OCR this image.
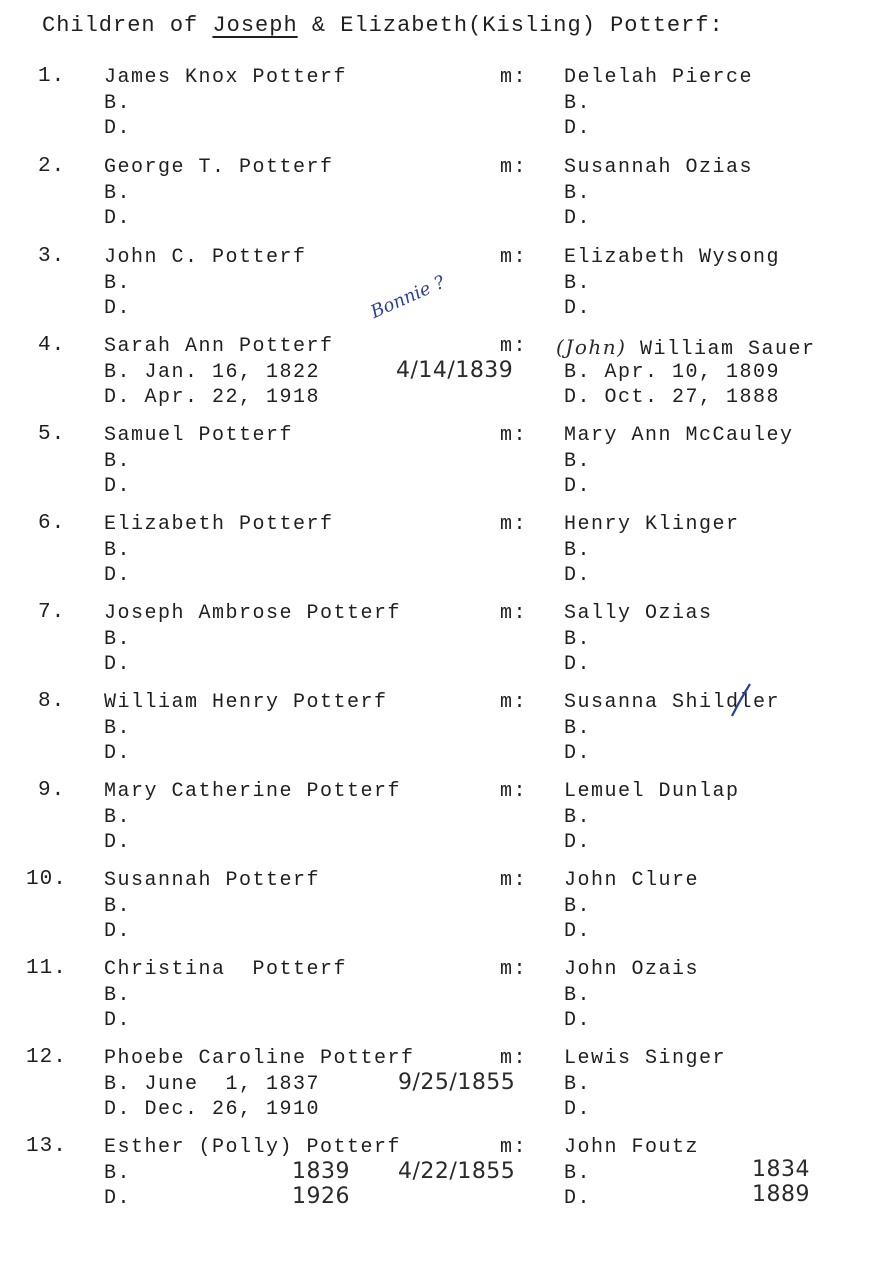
Children of Joseph & Elizabeth(Kisling) Potterf:
1. James Knox Potterf
B.
D.
m: Delelah Pierce
B.
D.
2. George T. Potterf
B.
D.
m: Susannah Ozias
B.
D.
3. John C. Potterf
B.
D.
m: Elizabeth Wysong
B.
D.
4. Sarah Ann Potterf
B. Jan. 16, 1822
D. Apr. 22, 1918
m: (John) William Sauer
B. Apr. 10, 1809
D. Oct. 27, 1888
4/14/1839
Bonnie ?
5. Samuel Potterf
B.
D.
m: Mary Ann McCauley
B.
D.
6. Elizabeth Potterf
B.
D.
m: Henry Klinger
B.
D.
7. Joseph Ambrose Potterf
B.
D.
m: Sally Ozias
B.
D.
8. William Henry Potterf
B.
D.
m: Susanna Shildler
B.
D.
9. Mary Catherine Potterf
B.
D.
m: Lemuel Dunlap
B.
D.
10. Susannah Potterf
B.
D.
m: John Clure
B.
D.
11. Christina  Potterf
B.
D.
m: John Ozais
B.
D.
12. Phoebe Caroline Potterf
B. June  1, 1837
D. Dec. 26, 1910
m: Lewis Singer
B.
D.
9/25/1855
13. Esther (Polly) Potterf
B.
D.
m: John Foutz
B.
D.
1839
1926
4/22/1855	1834
1889
